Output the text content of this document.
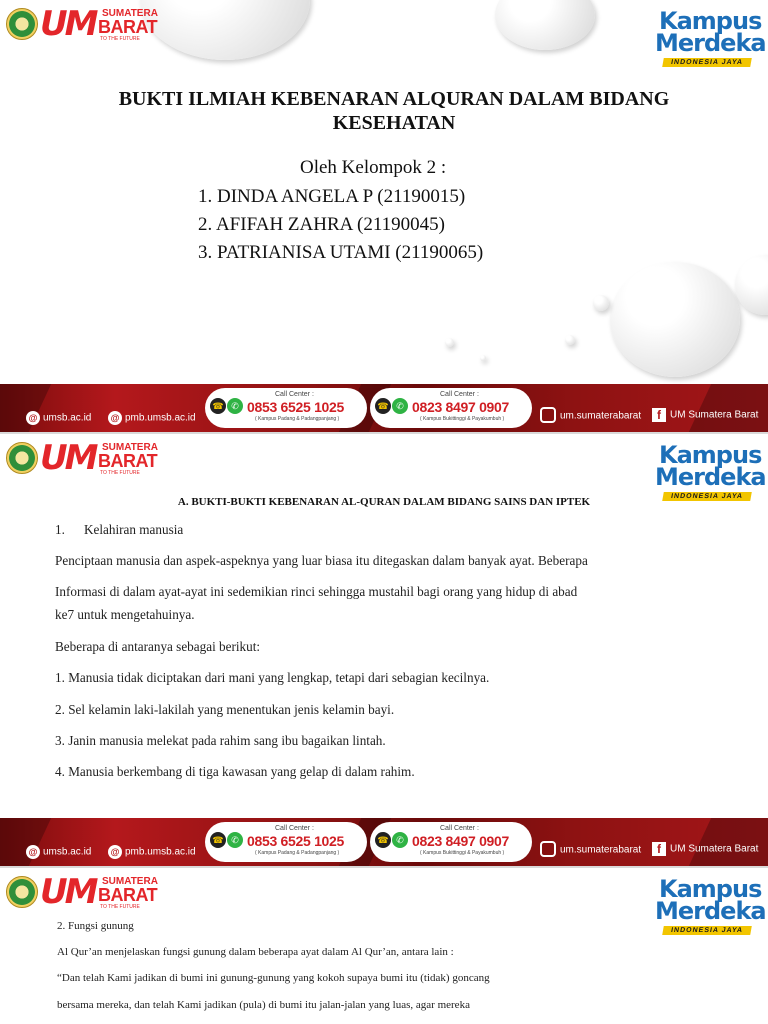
UM SUMATERA
BARAT
TO THE FUTURE
Kampus
Merdeka
INDONESIA JAYA
BUKTI ILMIAH KEBENARAN ALQURAN DALAM BIDANG KESEHATAN
Oleh Kelompok 2 :
1. DINDA ANGELA P (21190015)
2. AFIFAH ZAHRA (21190045)
3. PATRIANISA UTAMI (21190065)
@ umsb.ac.id @ pmb.umsb.ac.id
☎ ✆
Call Center :
0853 6525 1025
( Kampus Padang & Padangpanjang )
☎ ✆
Call Center :
0823 8497 0907
( Kampus Bukittinggi & Payakumbuh )	um.sumaterabarat	f UM Sumatera Barat
UM SUMATERA
BARAT
TO THE FUTURE
Kampus
Merdeka
INDONESIA JAYA
A. BUKTI-BUKTI KEBENARAN AL-QURAN DALAM BIDANG SAINS DAN IPTEK
1. Kelahiran manusia
Penciptaan manusia dan aspek-aspeknya yang luar biasa itu ditegaskan dalam banyak ayat. Beberapa
Informasi di dalam ayat-ayat ini sedemikian rinci sehingga mustahil bagi orang yang hidup di abad
ke7 untuk mengetahuinya.
Beberapa di antaranya sebagai berikut:
1. Manusia tidak diciptakan dari mani yang lengkap, tetapi dari sebagian kecilnya.
2. Sel kelamin laki-lakilah yang menentukan jenis kelamin bayi.
3. Janin manusia melekat pada rahim sang ibu bagaikan lintah.
4. Manusia berkembang di tiga kawasan yang gelap di dalam rahim.
@ umsb.ac.id @ pmb.umsb.ac.id
☎ ✆
Call Center :
0853 6525 1025
( Kampus Padang & Padangpanjang )
☎ ✆
Call Center :
0823 8497 0907
( Kampus Bukittinggi & Payakumbuh )	um.sumaterabarat	f UM Sumatera Barat
UM SUMATERA
BARAT
TO THE FUTURE
Kampus
Merdeka
INDONESIA JAYA
2. Fungsi gunung
Al Qur’an menjelaskan fungsi gunung dalam beberapa ayat dalam Al Qur’an, antara lain :
“Dan telah Kami jadikan di bumi ini gunung-gunung yang kokoh supaya bumi itu (tidak) goncang
bersama mereka, dan telah Kami jadikan (pula) di bumi itu jalan-jalan yang luas, agar mereka
